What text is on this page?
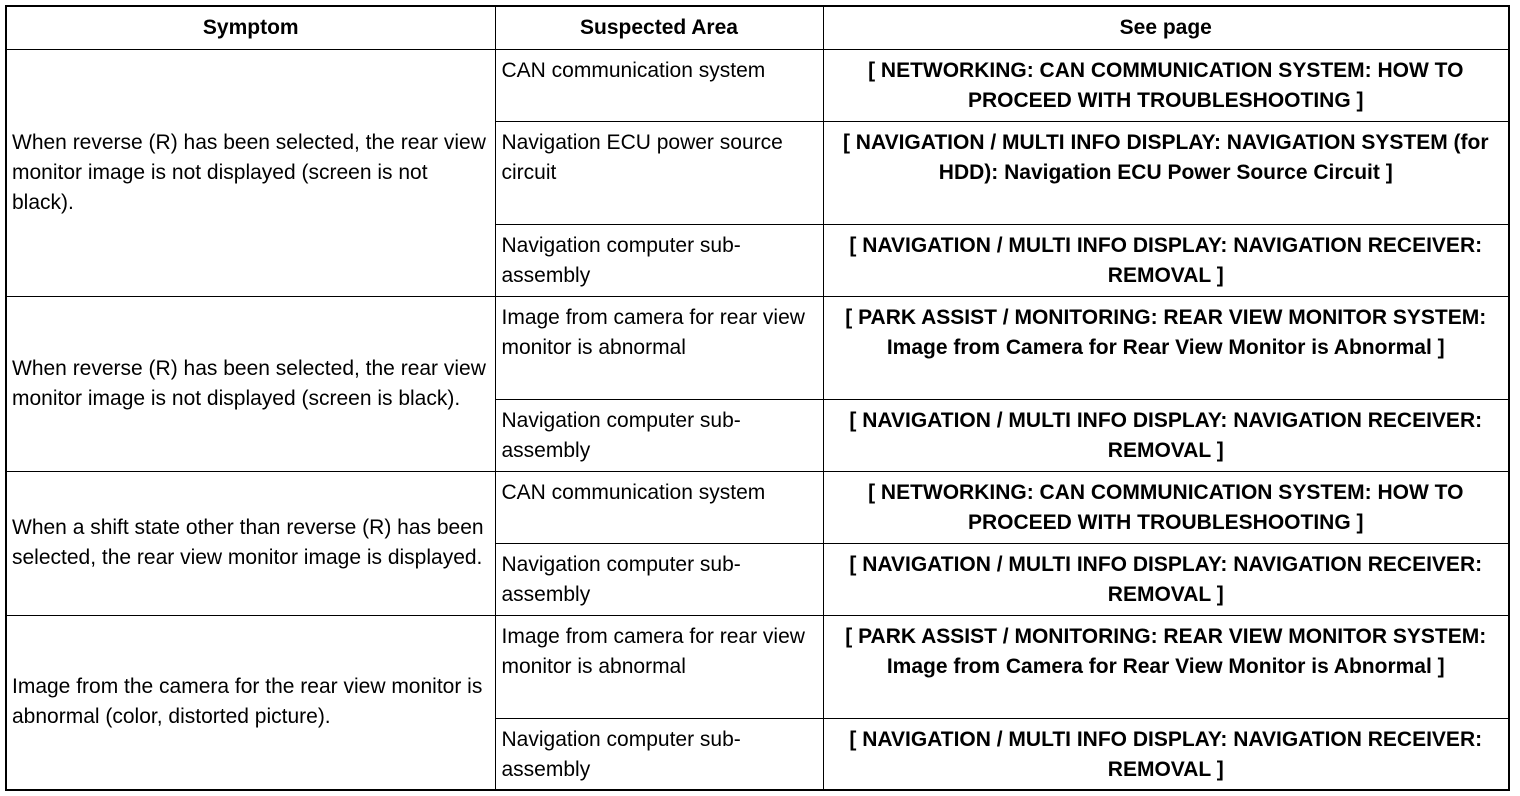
Symptom	Suspected Area	See page
When reverse (R) has been selected, the rear view monitor image is not displayed (screen is not black).	CAN communication system	[ NETWORKING: CAN COMMUNICATION SYSTEM: HOW TO PROCEED WITH TROUBLESHOOTING ]

	Navigation ECU power source circuit	[ NAVIGATION / MULTI INFO DISPLAY: NAVIGATION SYSTEM (for HDD): Navigation ECU Power Source Circuit ]

	Navigation computer sub-assembly	[ NAVIGATION / MULTI INFO DISPLAY: NAVIGATION RECEIVER: REMOVAL ]
When reverse (R) has been selected, the rear view monitor image is not displayed (screen is black).	Image from camera for rear view monitor is abnormal	[ PARK ASSIST / MONITORING: REAR VIEW MONITOR SYSTEM: Image from Camera for Rear View Monitor is Abnormal ]

	Navigation computer sub-assembly	[ NAVIGATION / MULTI INFO DISPLAY: NAVIGATION RECEIVER: REMOVAL ]
When a shift state other than reverse (R) has been selected, the rear view monitor image is displayed.	CAN communication system	[ NETWORKING: CAN COMMUNICATION SYSTEM: HOW TO PROCEED WITH TROUBLESHOOTING ]

	Navigation computer sub-assembly	[ NAVIGATION / MULTI INFO DISPLAY: NAVIGATION RECEIVER: REMOVAL ]
Image from the camera for the rear view monitor is abnormal (color, distorted picture).	Image from camera for rear view monitor is abnormal	[ PARK ASSIST / MONITORING: REAR VIEW MONITOR SYSTEM: Image from Camera for Rear View Monitor is Abnormal ]

	Navigation computer sub-assembly	[ NAVIGATION / MULTI INFO DISPLAY: NAVIGATION RECEIVER: REMOVAL ]
